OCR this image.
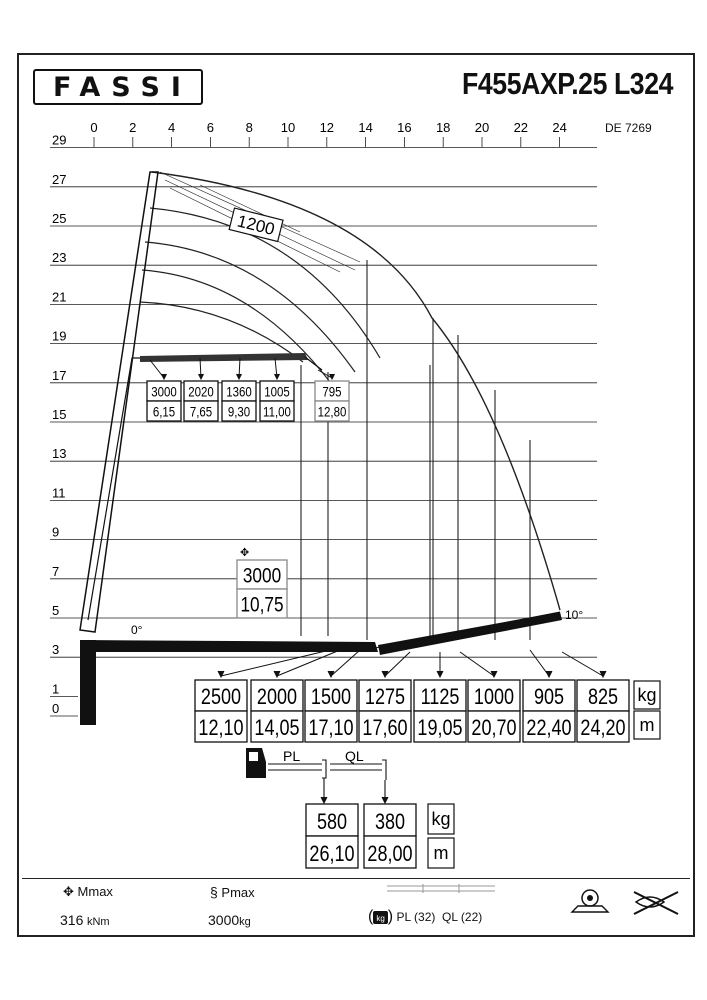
FASSI	F455AXP.25 L324
DE 7269
0 2 4 6 8 10 12 14 16 18 20 22 24
29
27
25
23
21
19
17
15
13
11
9
7
5
3
1
0
0°
10°
1200
3000
6,15
2020
7,65
1360
9,30
1005
11,00
795
12,80
3000
10,75
2500
12,10
2000
14,05
1500
17,10
1275
17,60
1125
19,05
1000
20,70
905
22,40
825
24,20
kg
m
580
26,10
380
28,00
kg
m
✥
PL	QL
✥ Mmax	§ Pmax
316 kNm	3000kg	( kg ) PL (32) QL (22)
